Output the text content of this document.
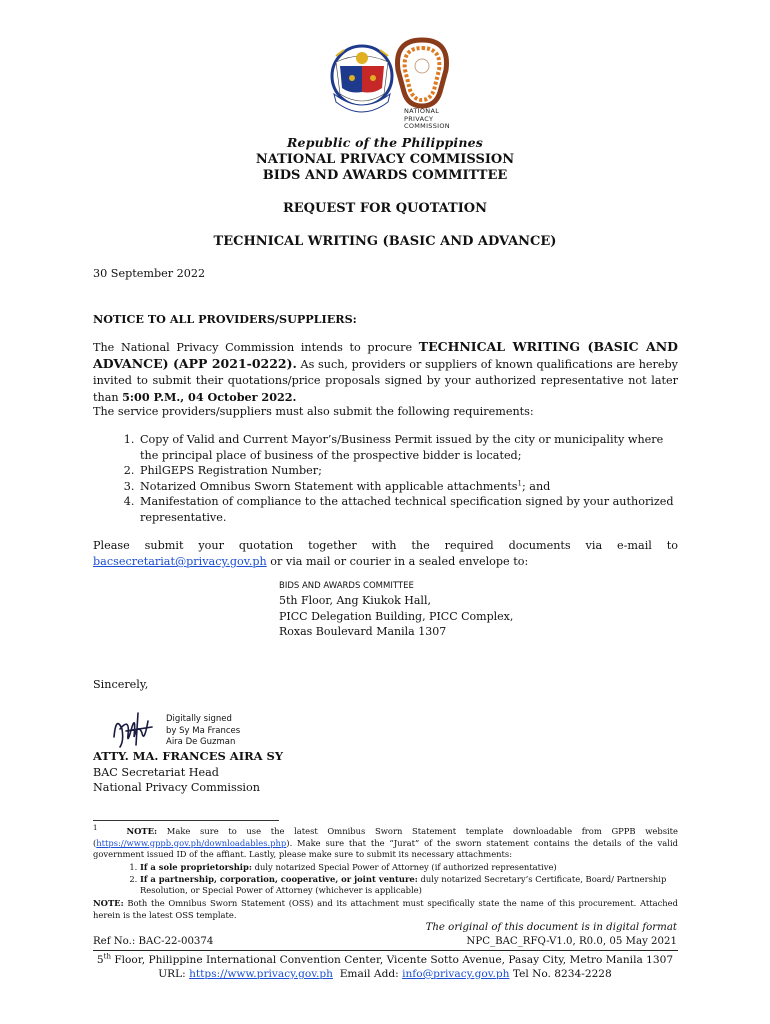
NATIONAL
PRIVACY
COMMISSION
Republic of the Philippines
NATIONAL PRIVACY COMMISSION
BIDS AND AWARDS COMMITTEE
REQUEST FOR QUOTATION
TECHNICAL WRITING (BASIC AND ADVANCE)
30 September 2022
NOTICE TO ALL PROVIDERS/SUPPLIERS:
The National Privacy Commission intends to procure TECHNICAL WRITING (BASIC AND ADVANCE) (APP 2021-0222). As such, providers or suppliers of known qualifications are hereby invited to submit their quotations/price proposals signed by your authorized representative not later than 5:00 P.M., 04 October 2022.
The service providers/suppliers must also submit the following requirements:
1. Copy of Valid and Current Mayor’s/Business Permit issued by the city or municipality where the principal place of business of the prospective bidder is located;
2. PhilGEPS Registration Number;
3. Notarized Omnibus Sworn Statement with applicable attachments$^1$; and
4. Manifestation of compliance to the attached technical specification signed by your authorized representative.
Please submit your quotation together with the required documents via e-mail to
bacsecretariat@privacy.gov.ph or via mail or courier in a sealed envelope to:
BIDS AND AWARDS COMMITTEE
5th Floor, Ang Kiukok Hall,
PICC Delegation Building, PICC Complex,
Roxas Boulevard Manila 1307
Sincerely,
Digitally signed
by Sy Ma Frances
Aira De Guzman
ATTY. MA. FRANCES AIRA SY
BAC Secretariat Head
National Privacy Commission
$^1$	NOTE: Make sure to use the latest Omnibus Sworn Statement template downloadable from GPPB website (https://www.gppb.gov.ph/downloadables.php). Make sure that the “Jurat” of the sworn statement contains the details of the valid government issued ID of the affiant. Lastly, please make sure to submit its necessary attachments:
1. If a sole proprietorship: duly notarized Special Power of Attorney (if authorized representative)
2. If a partnership, corporation, cooperative, or joint venture: duly notarized Secretary’s Certificate, Board/ Partnership Resolution, or Special Power of Attorney (whichever is applicable)
NOTE: Both the Omnibus Sworn Statement (OSS) and its attachment must specifically state the name of this procurement. Attached herein is the latest OSS template.
The original of this document is in digital format
Ref No.: BAC-22-00374	NPC_BAC_RFQ-V1.0, R0.0, 05 May 2021
5th Floor, Philippine International Convention Center, Vicente Sotto Avenue, Pasay City, Metro Manila 1307
URL: https://www.privacy.gov.ph  Email Add: info@privacy.gov.ph Tel No. 8234-2228
